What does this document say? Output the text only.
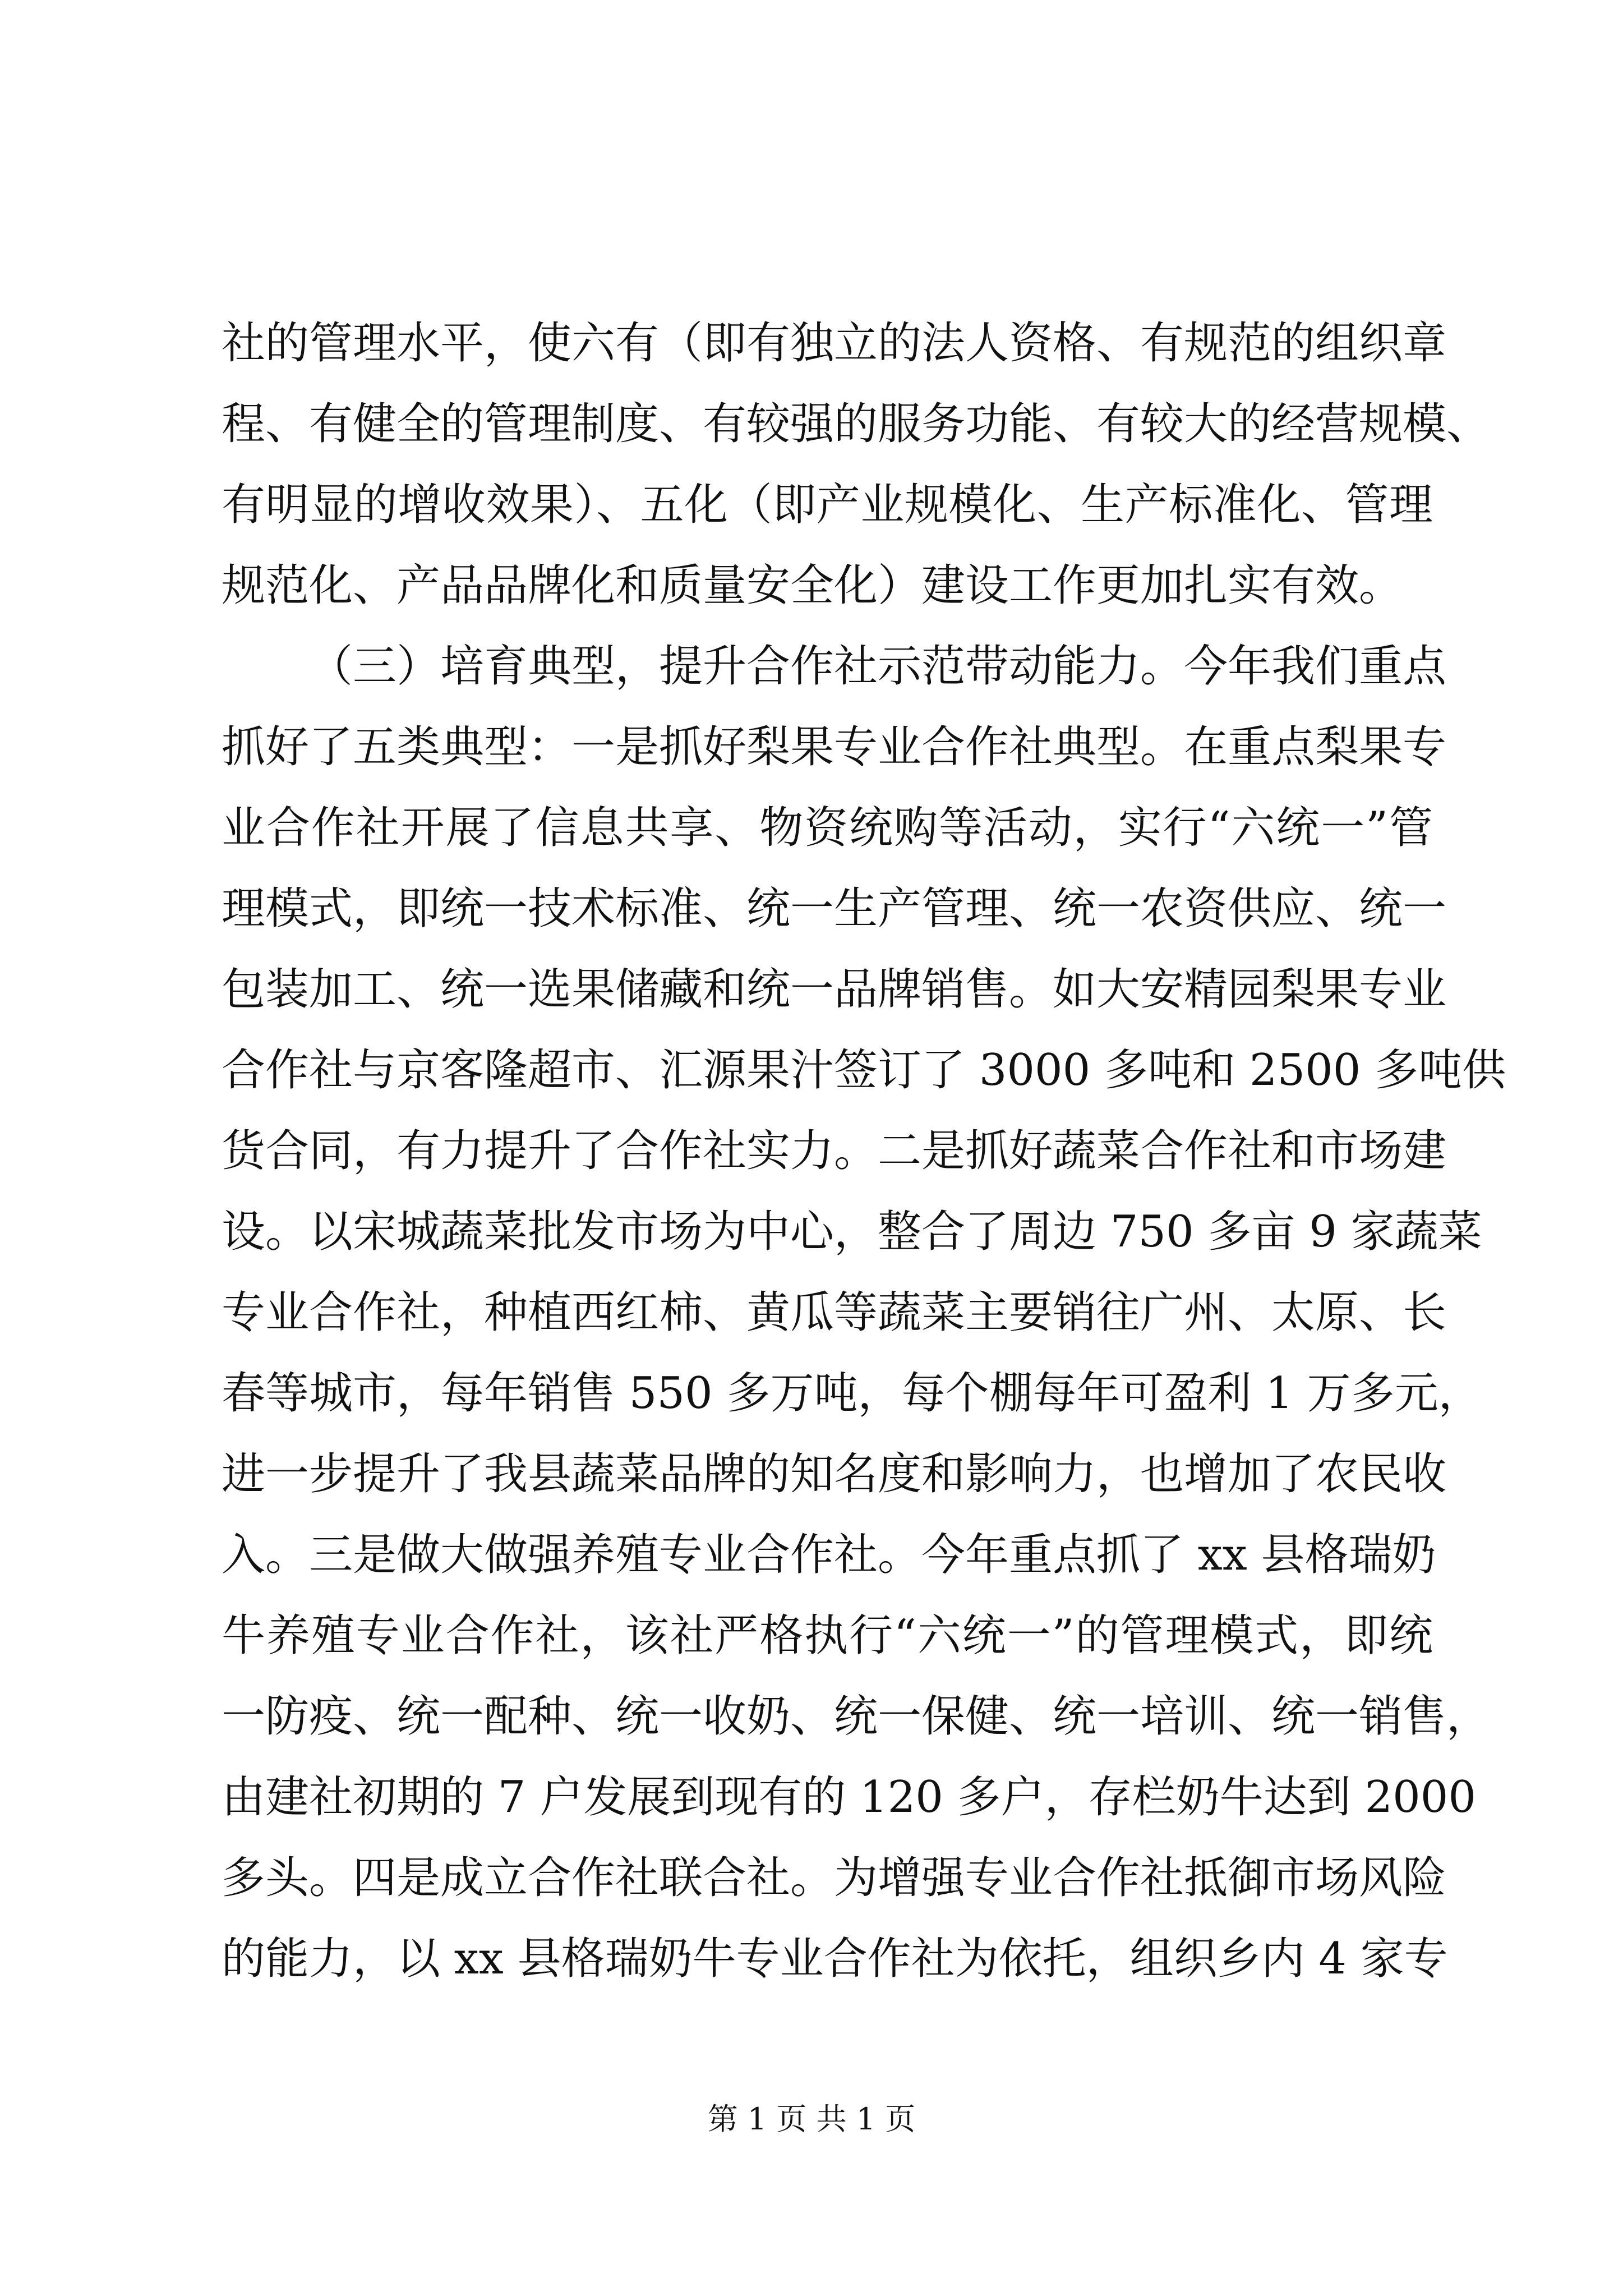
社的管理水平，使六有（即有独立的法人资格、有规范的组织章
程、有健全的管理制度、有较强的服务功能、有较大的经营规模、
有明显的增收效果）、五化（即产业规模化、生产标准化、管理
规范化、产品品牌化和质量安全化）建设工作更加扎实有效。
（三）培育典型，提升合作社示范带动能力。今年我们重点
抓好了五类典型：一是抓好梨果专业合作社典型。在重点梨果专
业合作社开展了信息共享、物资统购等活动，实行“六统一”管
理模式，即统一技术标准、统一生产管理、统一农资供应、统一
包装加工、统一选果储藏和统一品牌销售。如大安精园梨果专业
合作社与京客隆超市、汇源果汁签订了 3000 多吨和 2500 多吨供
货合同，有力提升了合作社实力。二是抓好蔬菜合作社和市场建
设。以宋城蔬菜批发市场为中心，整合了周边 750 多亩 9 家蔬菜
专业合作社，种植西红柿、黄瓜等蔬菜主要销往广州、太原、长
春等城市，每年销售 550 多万吨，每个棚每年可盈利 1 万多元，
进一步提升了我县蔬菜品牌的知名度和影响力，也增加了农民收
入。三是做大做强养殖专业合作社。今年重点抓了 xx 县格瑞奶
牛养殖专业合作社，该社严格执行“六统一”的管理模式，即统
一防疫、统一配种、统一收奶、统一保健、统一培训、统一销售，
由建社初期的 7 户发展到现有的 120 多户，存栏奶牛达到 2000
多头。四是成立合作社联合社。为增强专业合作社抵御市场风险
的能力，以 xx 县格瑞奶牛专业合作社为依托，组织乡内 4 家专
第 1 页 共 1 页
